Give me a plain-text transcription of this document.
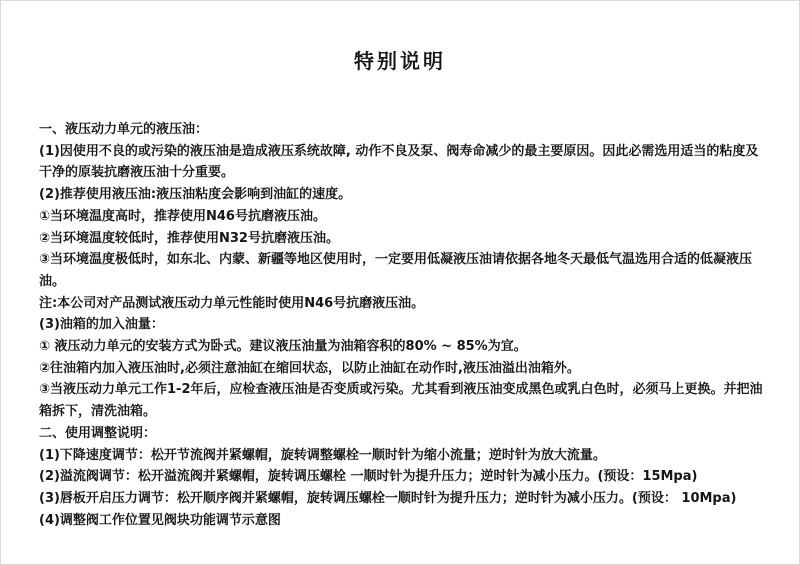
特别说明

一、液压动力单元的液压油：

(1)因使用不良的或污染的液压油是造成液压系统故障, 动作不良及泵、阀寿命减少的最主要原因。因此必需选用适当的粘度及干净的原装抗磨液压油十分重要。

(2)推荐使用液压油:液压油粘度会影响到油缸的速度。

①当环境温度高时，推荐使用N46号抗磨液压油。

②当环境温度较低时，推荐使用N32号抗磨液压油。

③当环境温度极低时，如东北、内蒙、新疆等地区使用时，一定要用低凝液压油请依据各地冬天最低气温选用合适的低凝液压油。

注:本公司对产品测试液压动力单元性能时使用N46号抗磨液压油。

(3)油箱的加入油量：

① 液压动力单元的安装方式为卧式。建议液压油量为油箱容积的80% ~ 85%为宜。

②往油箱内加入液压油时,必须注意油缸在缩回状态，以防止油缸在动作时,液压油溢出油箱外。

③当液压动力单元工作1-2年后，应检查液压油是否变质或污染。尤其看到液压油变成黑色或乳白色时，必须马上更换。并把油箱拆下，清洗油箱。

二、使用调整说明：

(1)下降速度调节：松开节流阀并紧螺帽，旋转调整螺栓一顺时针为缩小流量；逆时针为放大流量。

(2)溢流阀调节：松开溢流阀并紧螺帽，旋转调压螺栓 一顺时针为提升压力；逆时针为减小压力。(预设：15Mpa)

(3)唇板开启压力调节：松开顺序阀并紧螺帽，旋转调压螺栓一顺时针为提升压力；逆时针为减小压力。(预设： 10Mpa)

(4)调整阀工作位置见阀块功能调节示意图
